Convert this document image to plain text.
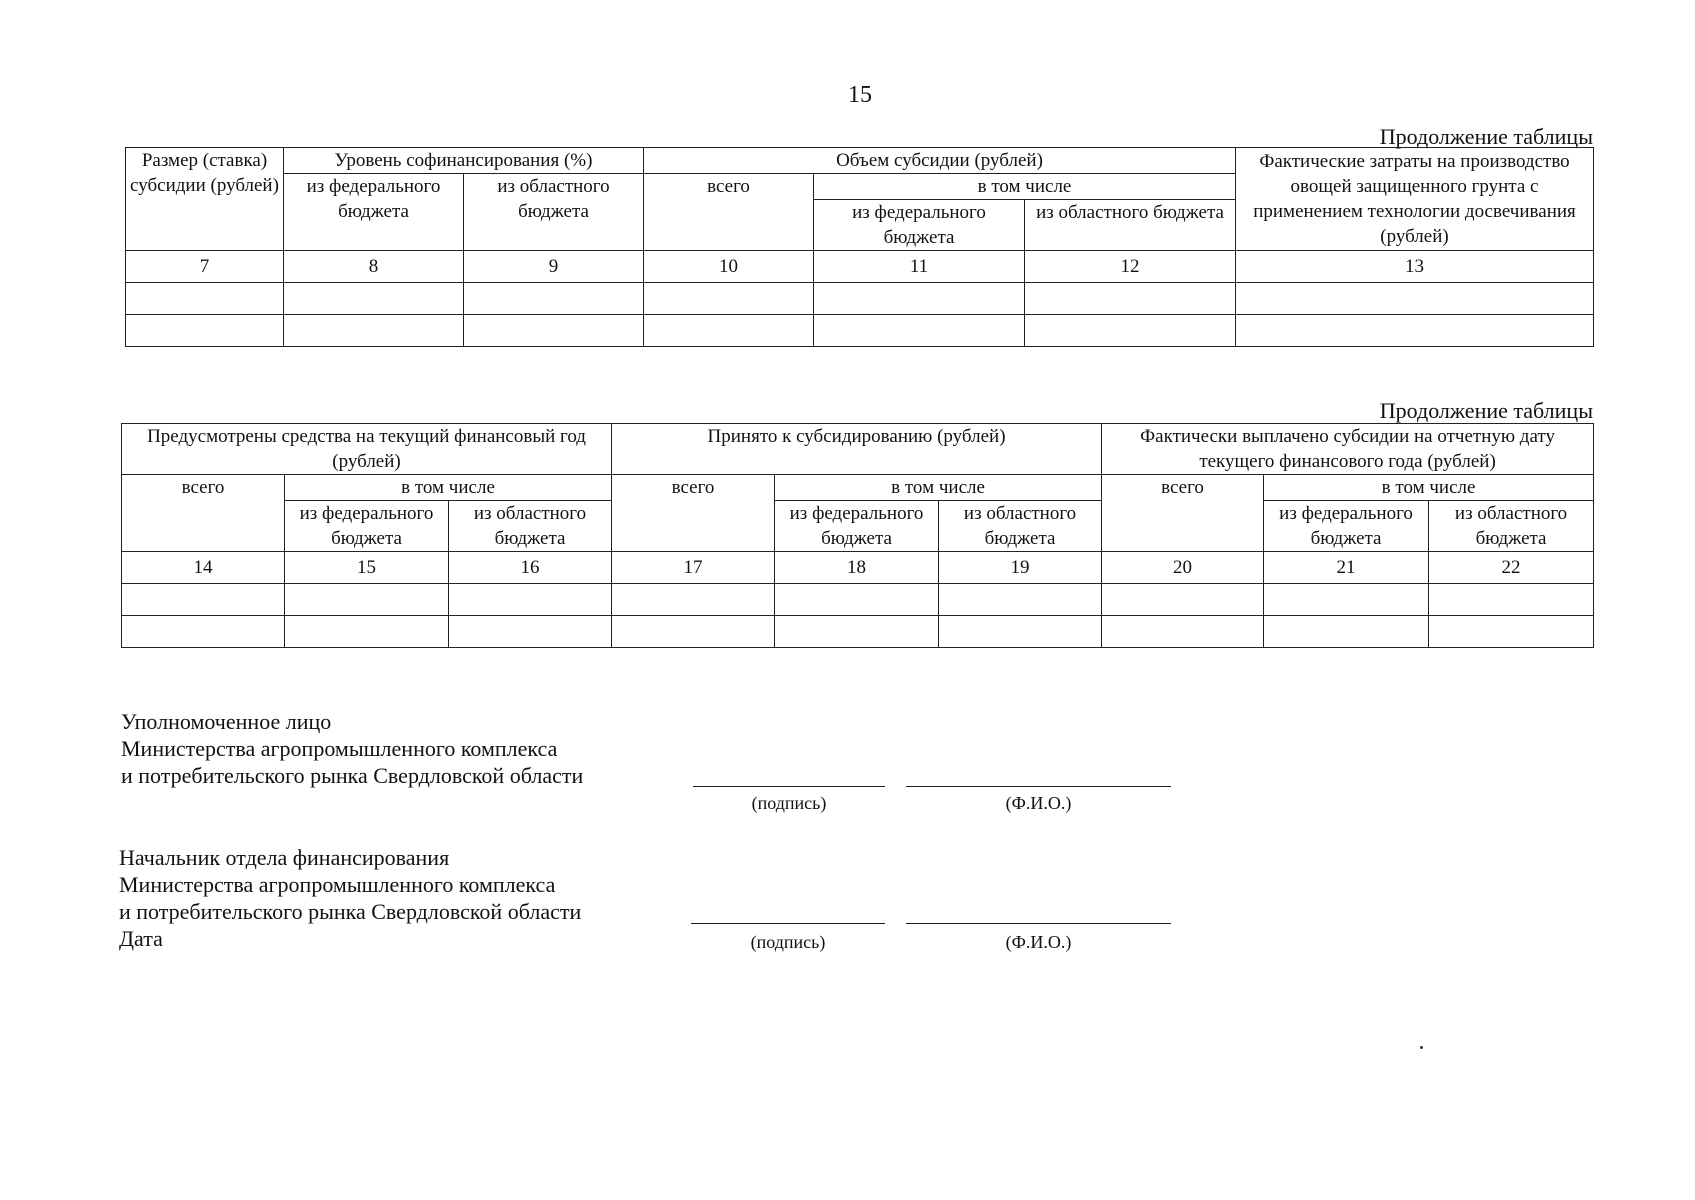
15
Продолжение таблицы
Размер (ставка) субсидии (рублей)	Уровень софинансирования (%)		Объем субсидии (рублей)			Фактические затраты на производство овощей защищенного грунта с применением технологии досвечивания (рублей)
	из федерального бюджета	из областного бюджета	всего	в том числе		
				из федерального бюджета	из областного бюджета	
7	8	9	10	11	12	13

Продолжение таблицы
Предусмотрены средства на текущий финансовый год (рублей)			Принято к субсидированию (рублей)			Фактически выплачено субсидии на отчетную дату текущего финансового года (рублей)		
всего	в том числе		всего	в том числе		всего	в том числе	
	из федерального бюджета	из областного бюджета		из федерального бюджета	из областного бюджета		из федерального бюджета	из областного бюджета
14	15	16	17	18	19	20	21	22

Уполномоченное лицо
Министерства агропромышленного комплекса
и потребительского рынка Свердловской области
(подпись)	(Ф.И.О.)
Начальник отдела финансирования
Министерства агропромышленного комплекса
и потребительского рынка Свердловской области
Дата	(подпись)	(Ф.И.О.)
